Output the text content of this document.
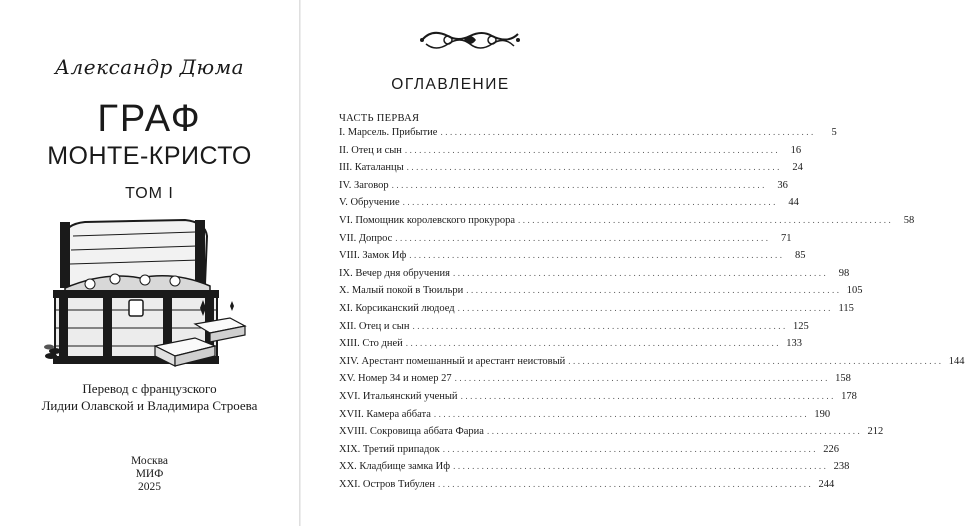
Александр Дюма
ГРАФ
МОНТЕ-КРИСТО
ТОМ I
Перевод с французского
Лидии Олавской и Владимира Строева
Москва
МИФ
2025
ОГЛАВЛЕНИЕ
ЧАСТЬ ПЕРВАЯ
I. Марсель. Прибытие ...............................................................................	5
II. Отец и сын ...............................................................................	16
III. Каталанцы ...............................................................................	24
IV. Заговор ...............................................................................	36
V. Обручение ...............................................................................	44
VI. Помощник королевского прокурора ...............................................................................	58
VII. Допрос ...............................................................................	71
VIII. Замок Иф ...............................................................................	85
IX. Вечер дня обручения ...............................................................................	98
X. Малый покой в Тюильри ............................................................................... 105
XI. Корсиканский людоед ............................................................................... 115
XII. Отец и сын ............................................................................... 125
XIII. Сто дней ............................................................................... 133
XIV. Арестант помешанный и арестант неистовый ............................................................................... 144
XV. Номер 34 и номер 27 ............................................................................... 158
XVI. Итальянский ученый ............................................................................... 178
XVII. Камера аббата ............................................................................... 190
XVIII. Сокровища аббата Фариа ............................................................................... 212
XIX. Третий припадок ............................................................................... 226
XX. Кладбище замка Иф ............................................................................... 238
XXI. Остров Тибулен ............................................................................... 244
